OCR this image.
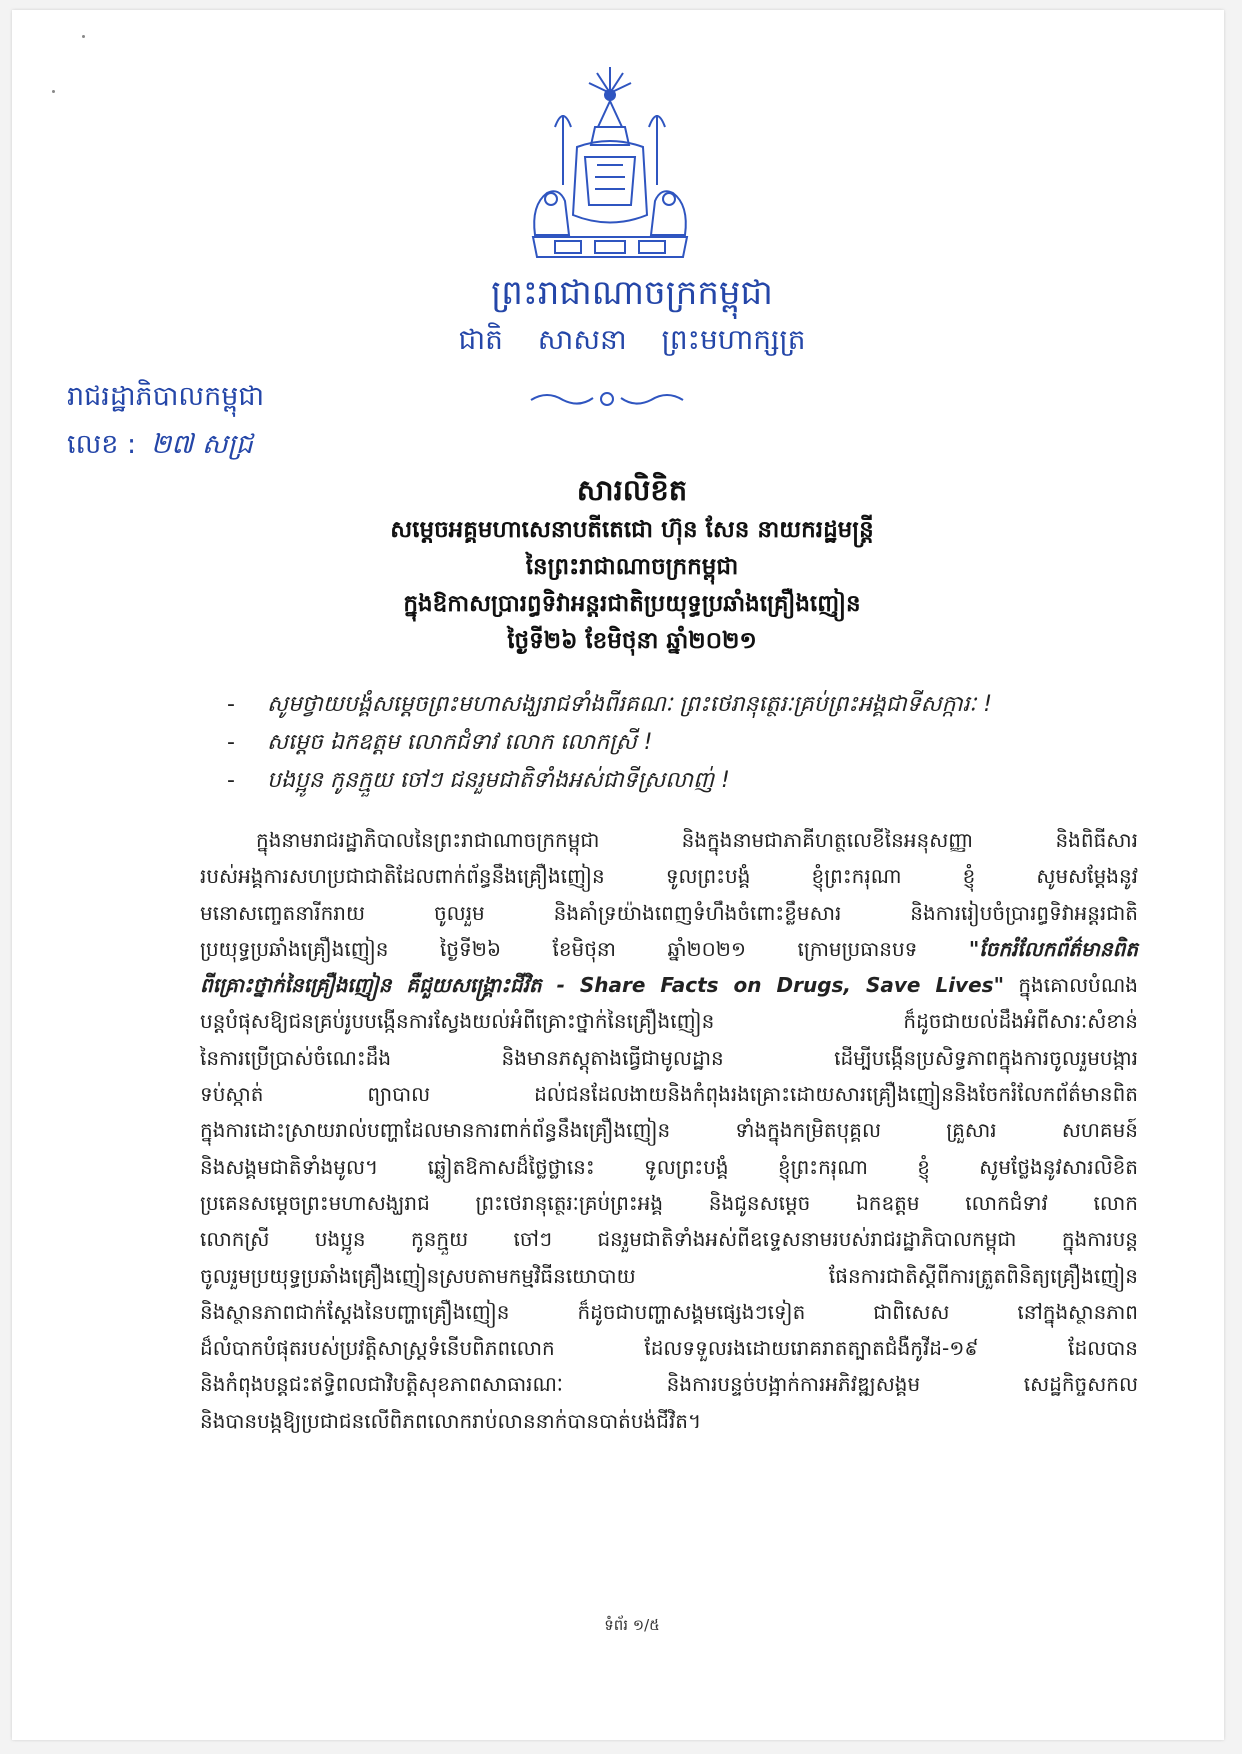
ព្រះរាជាណាចក្រកម្ពុជា
ជាតិ សាសនា ព្រះមហាក្សត្រ
រាជរដ្ឋាភិបាលកម្ពុជា
លេខ : ២៧ សជ្រ
សារលិខិត
សម្តេចអគ្គមហាសេនាបតីតេជោ ហ៊ុន សែន នាយករដ្ឋមន្រ្តី
នៃព្រះរាជាណាចក្រកម្ពុជា
ក្នុងឱកាសប្រារព្ធទិវាអន្តរជាតិប្រយុទ្ធប្រឆាំងគ្រឿងញៀន
ថ្ងៃទី២៦ ខែមិថុនា ឆ្នាំ២០២១
- សូមថ្វាយបង្គំសម្តេចព្រះមហាសង្ឃរាជទាំងពីរគណៈ ព្រះថេរានុត្ថេរៈគ្រប់ព្រះអង្គជាទីសក្ការៈ !
- សម្តេច ឯកឧត្តម លោកជំទាវ លោក លោកស្រី !
- បងប្អូន កូនក្មួយ ចៅៗ ជនរួមជាតិទាំងអស់ជាទីស្រលាញ់ !
ក្នុងនាមរាជរដ្ឋាភិបាលនៃព្រះរាជាណាចក្រកម្ពុជា និងក្នុងនាមជាភាគីហត្ថលេខីនៃអនុសញ្ញា និងពិធីសារ
របស់អង្គការសហប្រជាជាតិដែលពាក់ព័ន្ធនឹងគ្រឿងញៀន ទូលព្រះបង្គំ ខ្ញុំព្រះករុណា ខ្ញុំ សូមសម្តែងនូវ
មនោសញ្ចេតនារីករាយ ចូលរួម និងគាំទ្រយ៉ាងពេញទំហឹងចំពោះខ្លឹមសារ និងការរៀបចំប្រារព្ធទិវាអន្តរជាតិ
ប្រយុទ្ធប្រឆាំងគ្រឿងញៀន ថ្ងៃទី២៦ ខែមិថុនា ឆ្នាំ២០២១ ក្រោមប្រធានបទ "ចែករំលែកព័ត៌មានពិត
ពីគ្រោះថ្នាក់នៃគ្រឿងញៀន គឺជួយសង្គ្រោះជីវិត - Share Facts on Drugs, Save Lives" ក្នុងគោលបំណង
បន្តបំផុសឱ្យជនគ្រប់រូបបង្កើនការស្វែងយល់អំពីគ្រោះថ្នាក់នៃគ្រឿងញៀន ក៏ដូចជាយល់ដឹងអំពីសារៈសំខាន់
នៃការប្រើប្រាស់ចំណេះដឹង និងមានភស្តុតាងធ្វើជាមូលដ្ឋាន ដើម្បីបង្កើនប្រសិទ្ធភាពក្នុងការចូលរួមបង្ការ
ទប់ស្កាត់ ព្យាបាល ដល់ជនដែលងាយនិងកំពុងរងគ្រោះដោយសារគ្រឿងញៀននិងចែករំលែកព័ត៌មានពិត
ក្នុងការដោះស្រាយរាល់បញ្ហាដែលមានការពាក់ព័ន្ធនឹងគ្រឿងញៀន ទាំងក្នុងកម្រិតបុគ្គល គ្រួសារ សហគមន៍
និងសង្គមជាតិទាំងមូល។ ឆ្លៀតឱកាសដ៏ថ្លៃថ្លានេះ ទូលព្រះបង្គំ ខ្ញុំព្រះករុណា ខ្ញុំ សូមថ្លែងនូវសារលិខិត
ប្រគេនសម្តេចព្រះមហាសង្ឃរាជ ព្រះថេរានុត្ថេរៈគ្រប់ព្រះអង្គ និងជូនសម្តេច ឯកឧត្តម លោកជំទាវ លោក
លោកស្រី បងប្អូន កូនក្មួយ ចៅៗ ជនរួមជាតិទាំងអស់ពីឧទ្ទេសនាមរបស់រាជរដ្ឋាភិបាលកម្ពុជា ក្នុងការបន្ត
ចូលរួមប្រយុទ្ធប្រឆាំងគ្រឿងញៀនស្របតាមកម្មវិធីនយោបាយ ផែនការជាតិស្តីពីការត្រួតពិនិត្យគ្រឿងញៀន
និងស្ថានភាពជាក់ស្តែងនៃបញ្ហាគ្រឿងញៀន ក៏ដូចជាបញ្ហាសង្គមផ្សេងៗទៀត ជាពិសេស នៅក្នុងស្ថានភាព
ដ៏លំបាកបំផុតរបស់ប្រវត្តិសាស្ត្រទំនើបពិភពលោក ដែលទទួលរងដោយរោគរាតត្បាតជំងឺកូវីដ-១៩ ដែលបាន
និងកំពុងបន្តជះឥទ្ធិពលជាវិបត្តិសុខភាពសាធារណៈ និងការបន្ទច់បង្អាក់ការអភិវឌ្ឍសង្គម សេដ្ឋកិច្ចសកល
និងបានបង្កឱ្យប្រជាជនលើពិភពលោករាប់លាននាក់បានបាត់បង់ជីវិត។
ទំព័រ ១/៥
